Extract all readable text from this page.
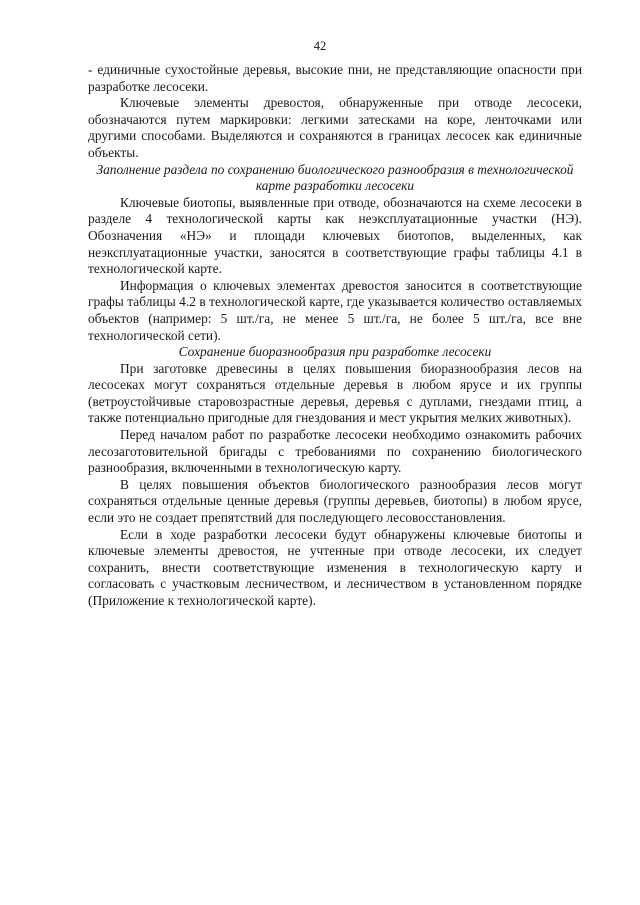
42

- единичные сухостойные деревья, высокие пни, не представляющие опасности при разработке лесосеки.

Ключевые элементы древостоя, обнаруженные при отводе лесосеки, обозначаются путем маркировки: легкими затесками на коре, ленточками или другими способами. Выделяются и сохраняются в границах лесосек как единичные объекты.

Заполнение раздела по сохранению биологического разнообразия в технологической карте разработки лесосеки

Ключевые биотопы, выявленные при отводе, обозначаются на схеме лесосеки в разделе 4 технологической карты как неэксплуатационные участки (НЭ). Обозначения «НЭ» и площади ключевых биотопов, выделенных, как неэксплуатационные участки, заносятся в соответствующие графы таблицы 4.1 в технологической карте.

Информация о ключевых элементах древостоя заносится в соответствующие графы таблицы 4.2 в технологической карте, где указывается количество оставляемых объектов (например: 5 шт./га, не менее 5 шт./га, не более 5 шт./га, все вне технологической сети).

Сохранение биоразнообразия при разработке лесосеки

При заготовке древесины в целях повышения биоразнообразия лесов на лесосеках могут сохраняться отдельные деревья в любом ярусе и их группы (ветроустойчивые старовозрастные деревья, деревья с дуплами, гнездами птиц, а также потенциально пригодные для гнездования и мест укрытия мелких животных).

Перед началом работ по разработке лесосеки необходимо ознакомить рабочих лесозаготовительной бригады с требованиями по сохранению биологического разнообразия, включенными в технологическую карту.

В целях повышения объектов биологического разнообразия лесов могут сохраняться отдельные ценные деревья (группы деревьев, биотопы) в любом ярусе, если это не создает препятствий для последующего лесовосстановления.

Если в ходе разработки лесосеки будут обнаружены ключевые биотопы и ключевые элементы древостоя, не учтенные при отводе лесосеки, их следует сохранить, внести соответствующие изменения в технологическую карту и согласовать с участковым лесничеством, и лесничеством в установленном порядке (Приложение к технологической карте).
